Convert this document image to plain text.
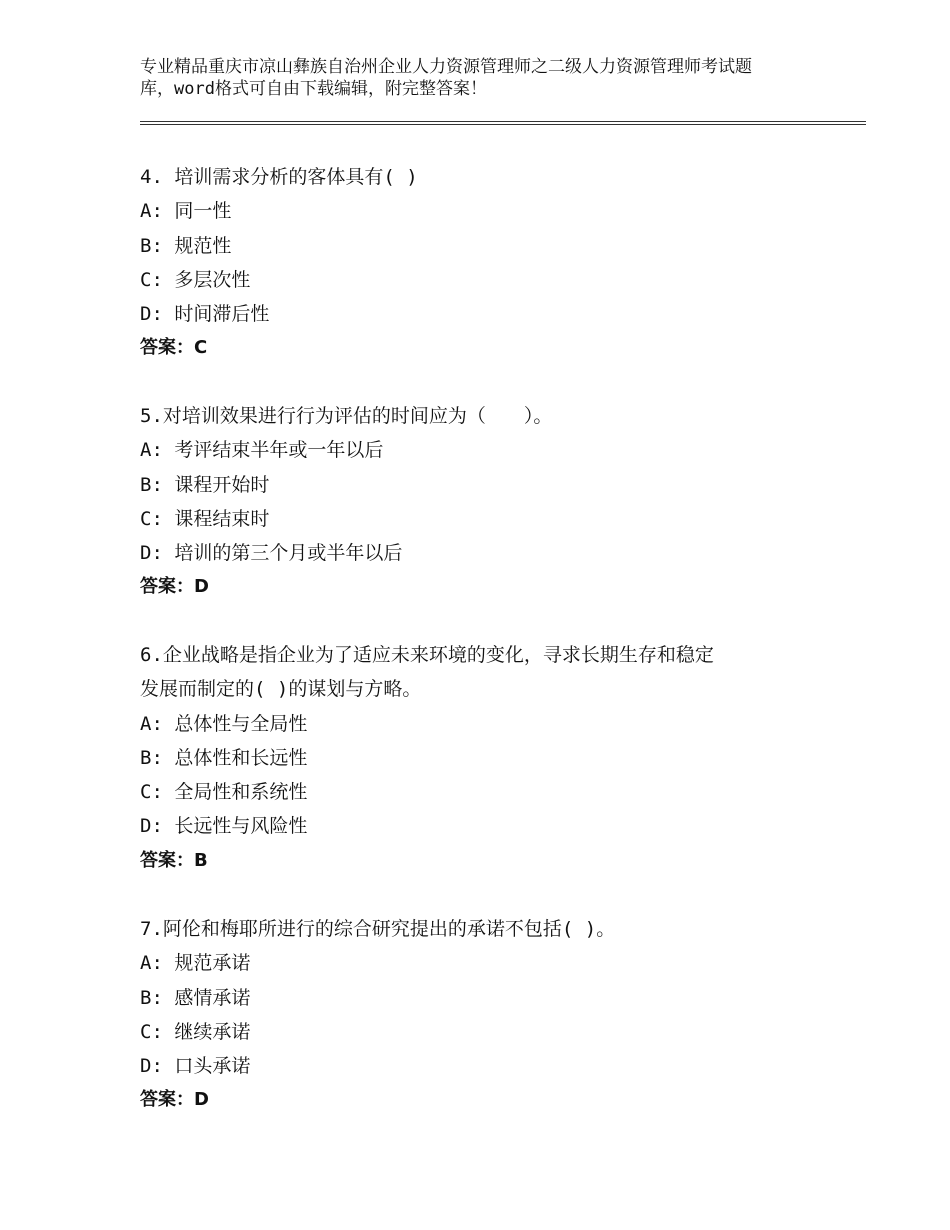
专业精品重庆市凉山彝族自治州企业人力资源管理师之二级人力资源管理师考试题
库，word格式可自由下载编辑，附完整答案！
4. 培训需求分析的客体具有( )
A: 同一性
B: 规范性
C: 多层次性
D: 时间滞后性
答案：C
5.对培训效果进行行为评估的时间应为（　　）。
A: 考评结束半年或一年以后
B: 课程开始时
C: 课程结束时
D: 培训的第三个月或半年以后
答案：D
6.企业战略是指企业为了适应未来环境的变化，寻求长期生存和稳定
发展而制定的( )的谋划与方略。
A: 总体性与全局性
B: 总体性和长远性
C: 全局性和系统性
D: 长远性与风险性
答案：B
7.阿伦和梅耶所进行的综合研究提出的承诺不包括( )。
A: 规范承诺
B: 感情承诺
C: 继续承诺
D: 口头承诺
答案：D
